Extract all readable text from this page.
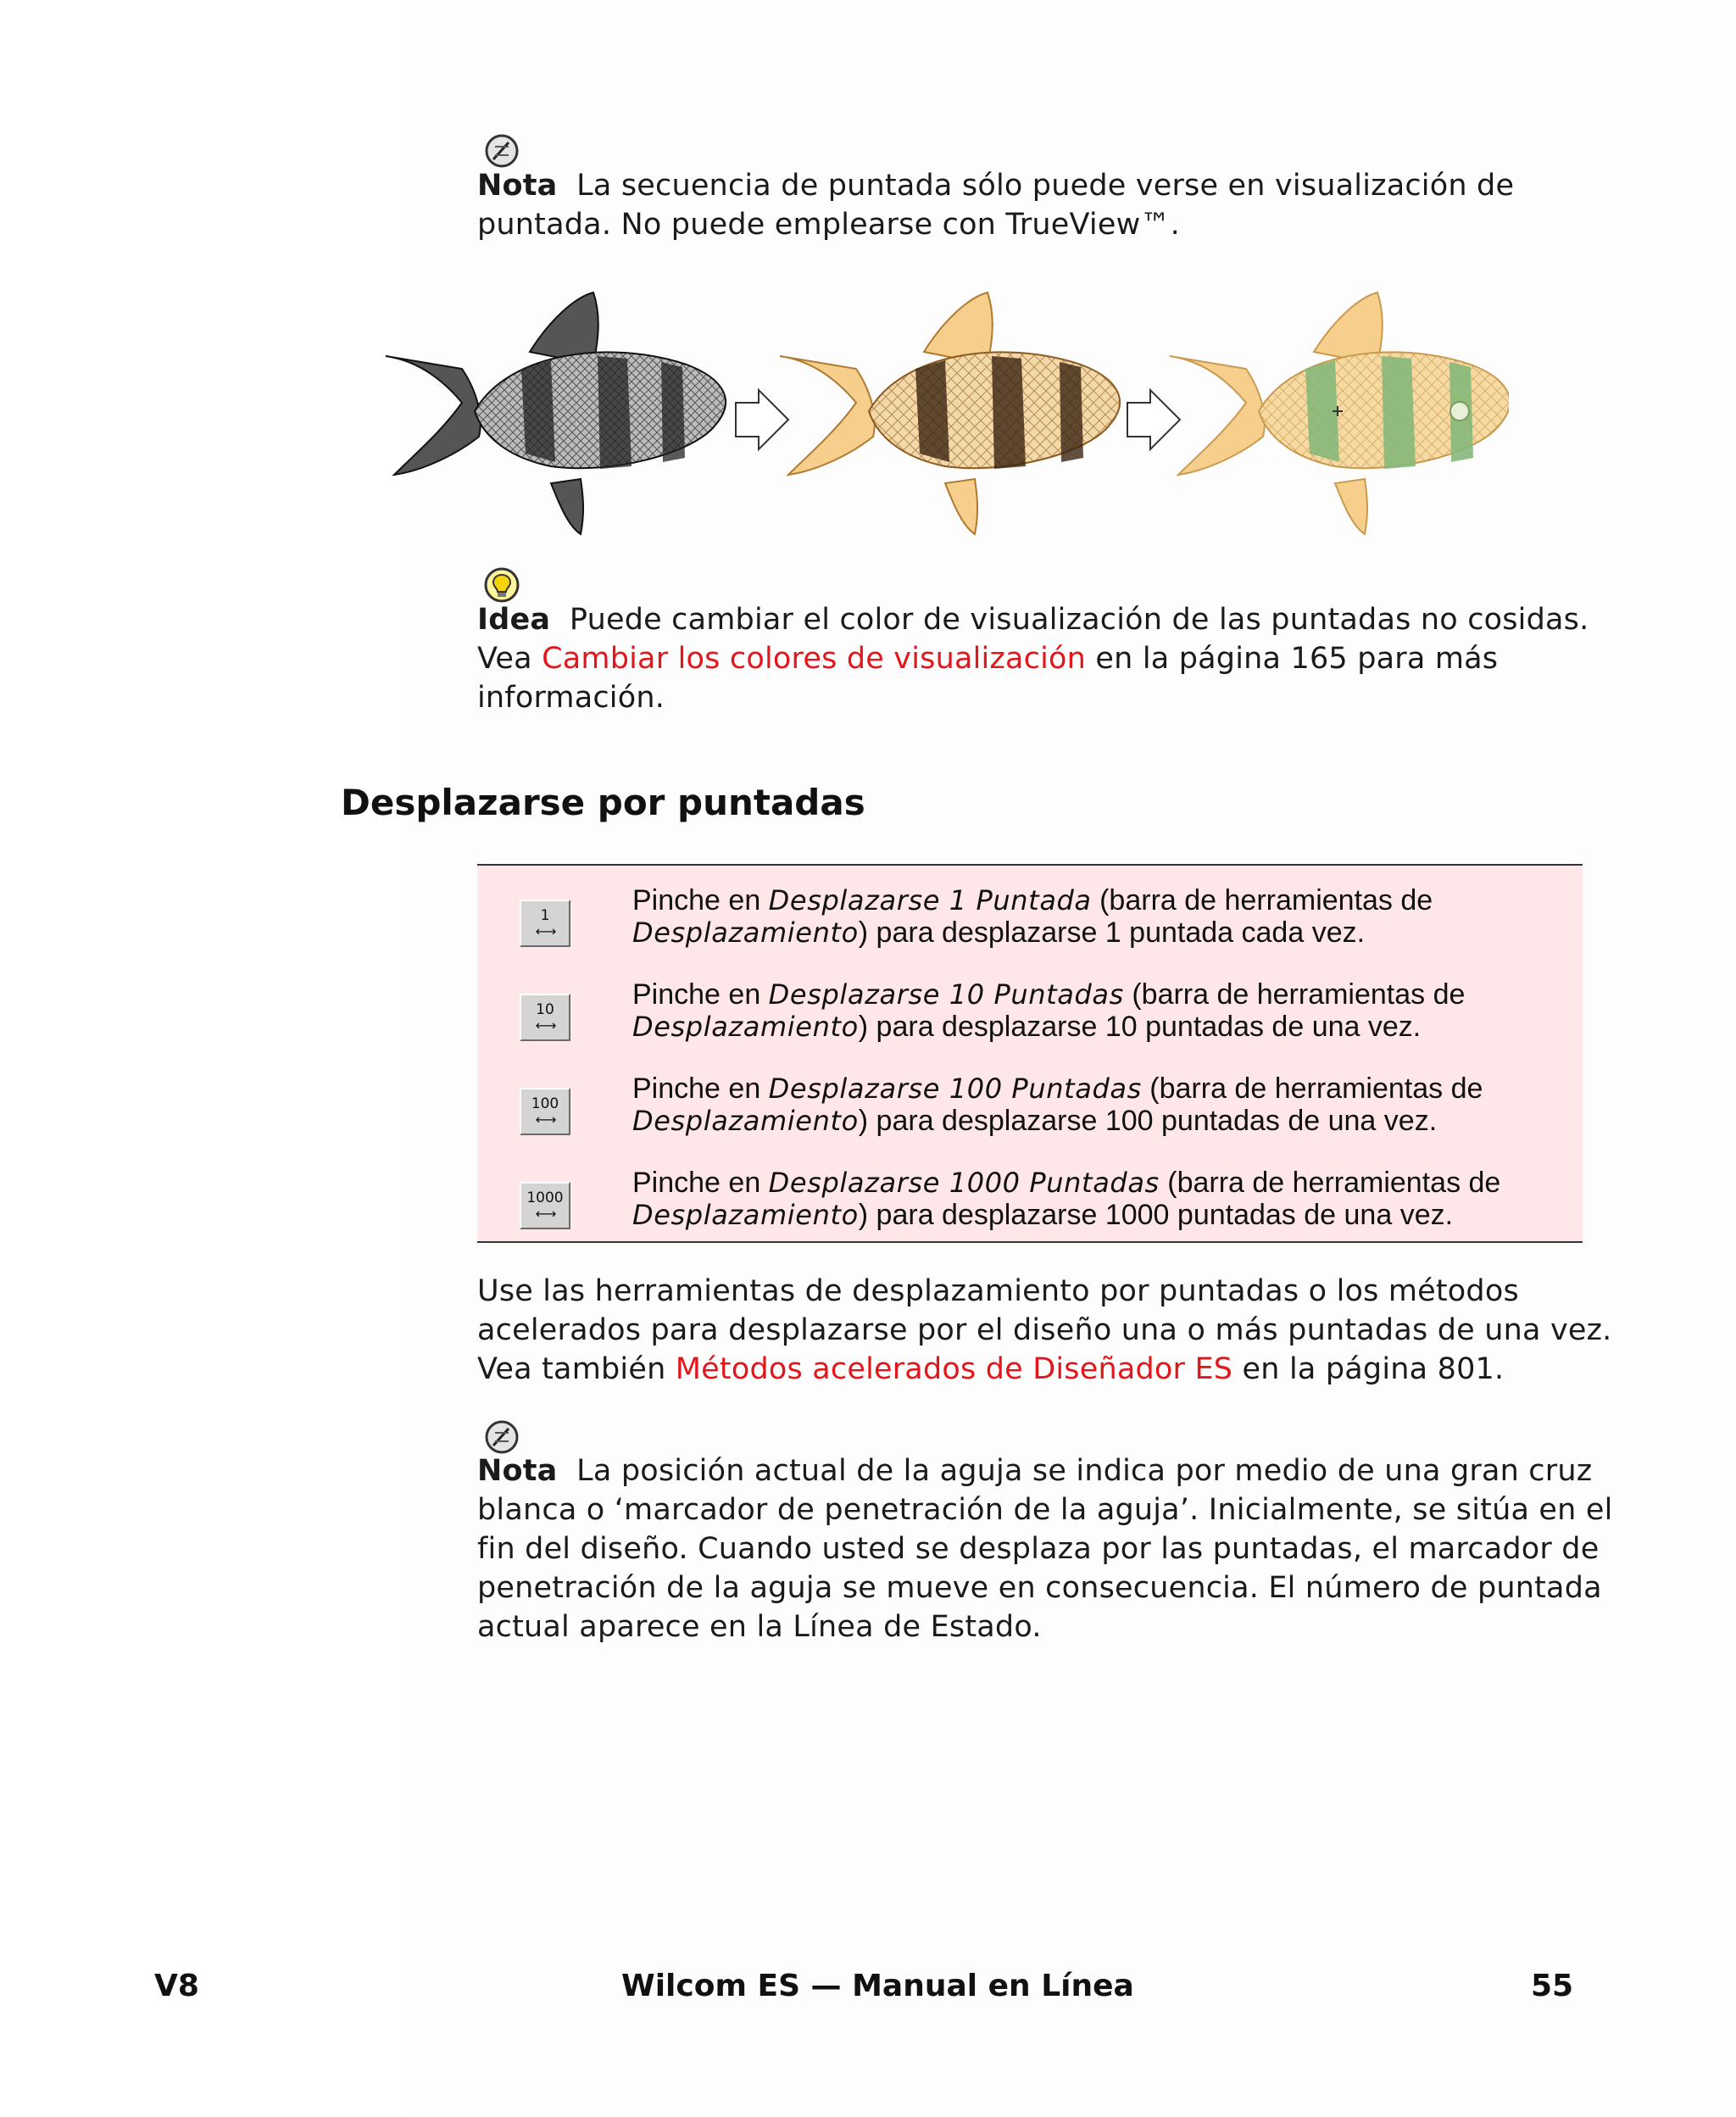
Nota La secuencia de puntada sólo puede verse en visualización de
puntada. No puede emplearse con TrueView™.
Idea Puede cambiar el color de visualización de las puntadas no cosidas.
Vea Cambiar los colores de visualización en la página 165 para más
información.
Desplazarse por puntadas
1
←→
Pinche en Desplazarse 1 Puntada (barra de herramientas de
Desplazamiento) para desplazarse 1 puntada cada vez.
10
←→
Pinche en Desplazarse 10 Puntadas (barra de herramientas de
Desplazamiento) para desplazarse 10 puntadas de una vez.
100
←→
Pinche en Desplazarse 100 Puntadas (barra de herramientas de
Desplazamiento) para desplazarse 100 puntadas de una vez.
1000
←→
Pinche en Desplazarse 1000 Puntadas (barra de herramientas de
Desplazamiento) para desplazarse 1000 puntadas de una vez.
Use las herramientas de desplazamiento por puntadas o los métodos
acelerados para desplazarse por el diseño una o más puntadas de una vez.
Vea también Métodos acelerados de Diseñador ES en la página 801.
Nota La posición actual de la aguja se indica por medio de una gran cruz
blanca o ‘marcador de penetración de la aguja’. Inicialmente, se sitúa en el
fin del diseño. Cuando usted se desplaza por las puntadas, el marcador de
penetración de la aguja se mueve en consecuencia. El número de puntada
actual aparece en la Línea de Estado.
V8	Wilcom ES — Manual en Línea	55
